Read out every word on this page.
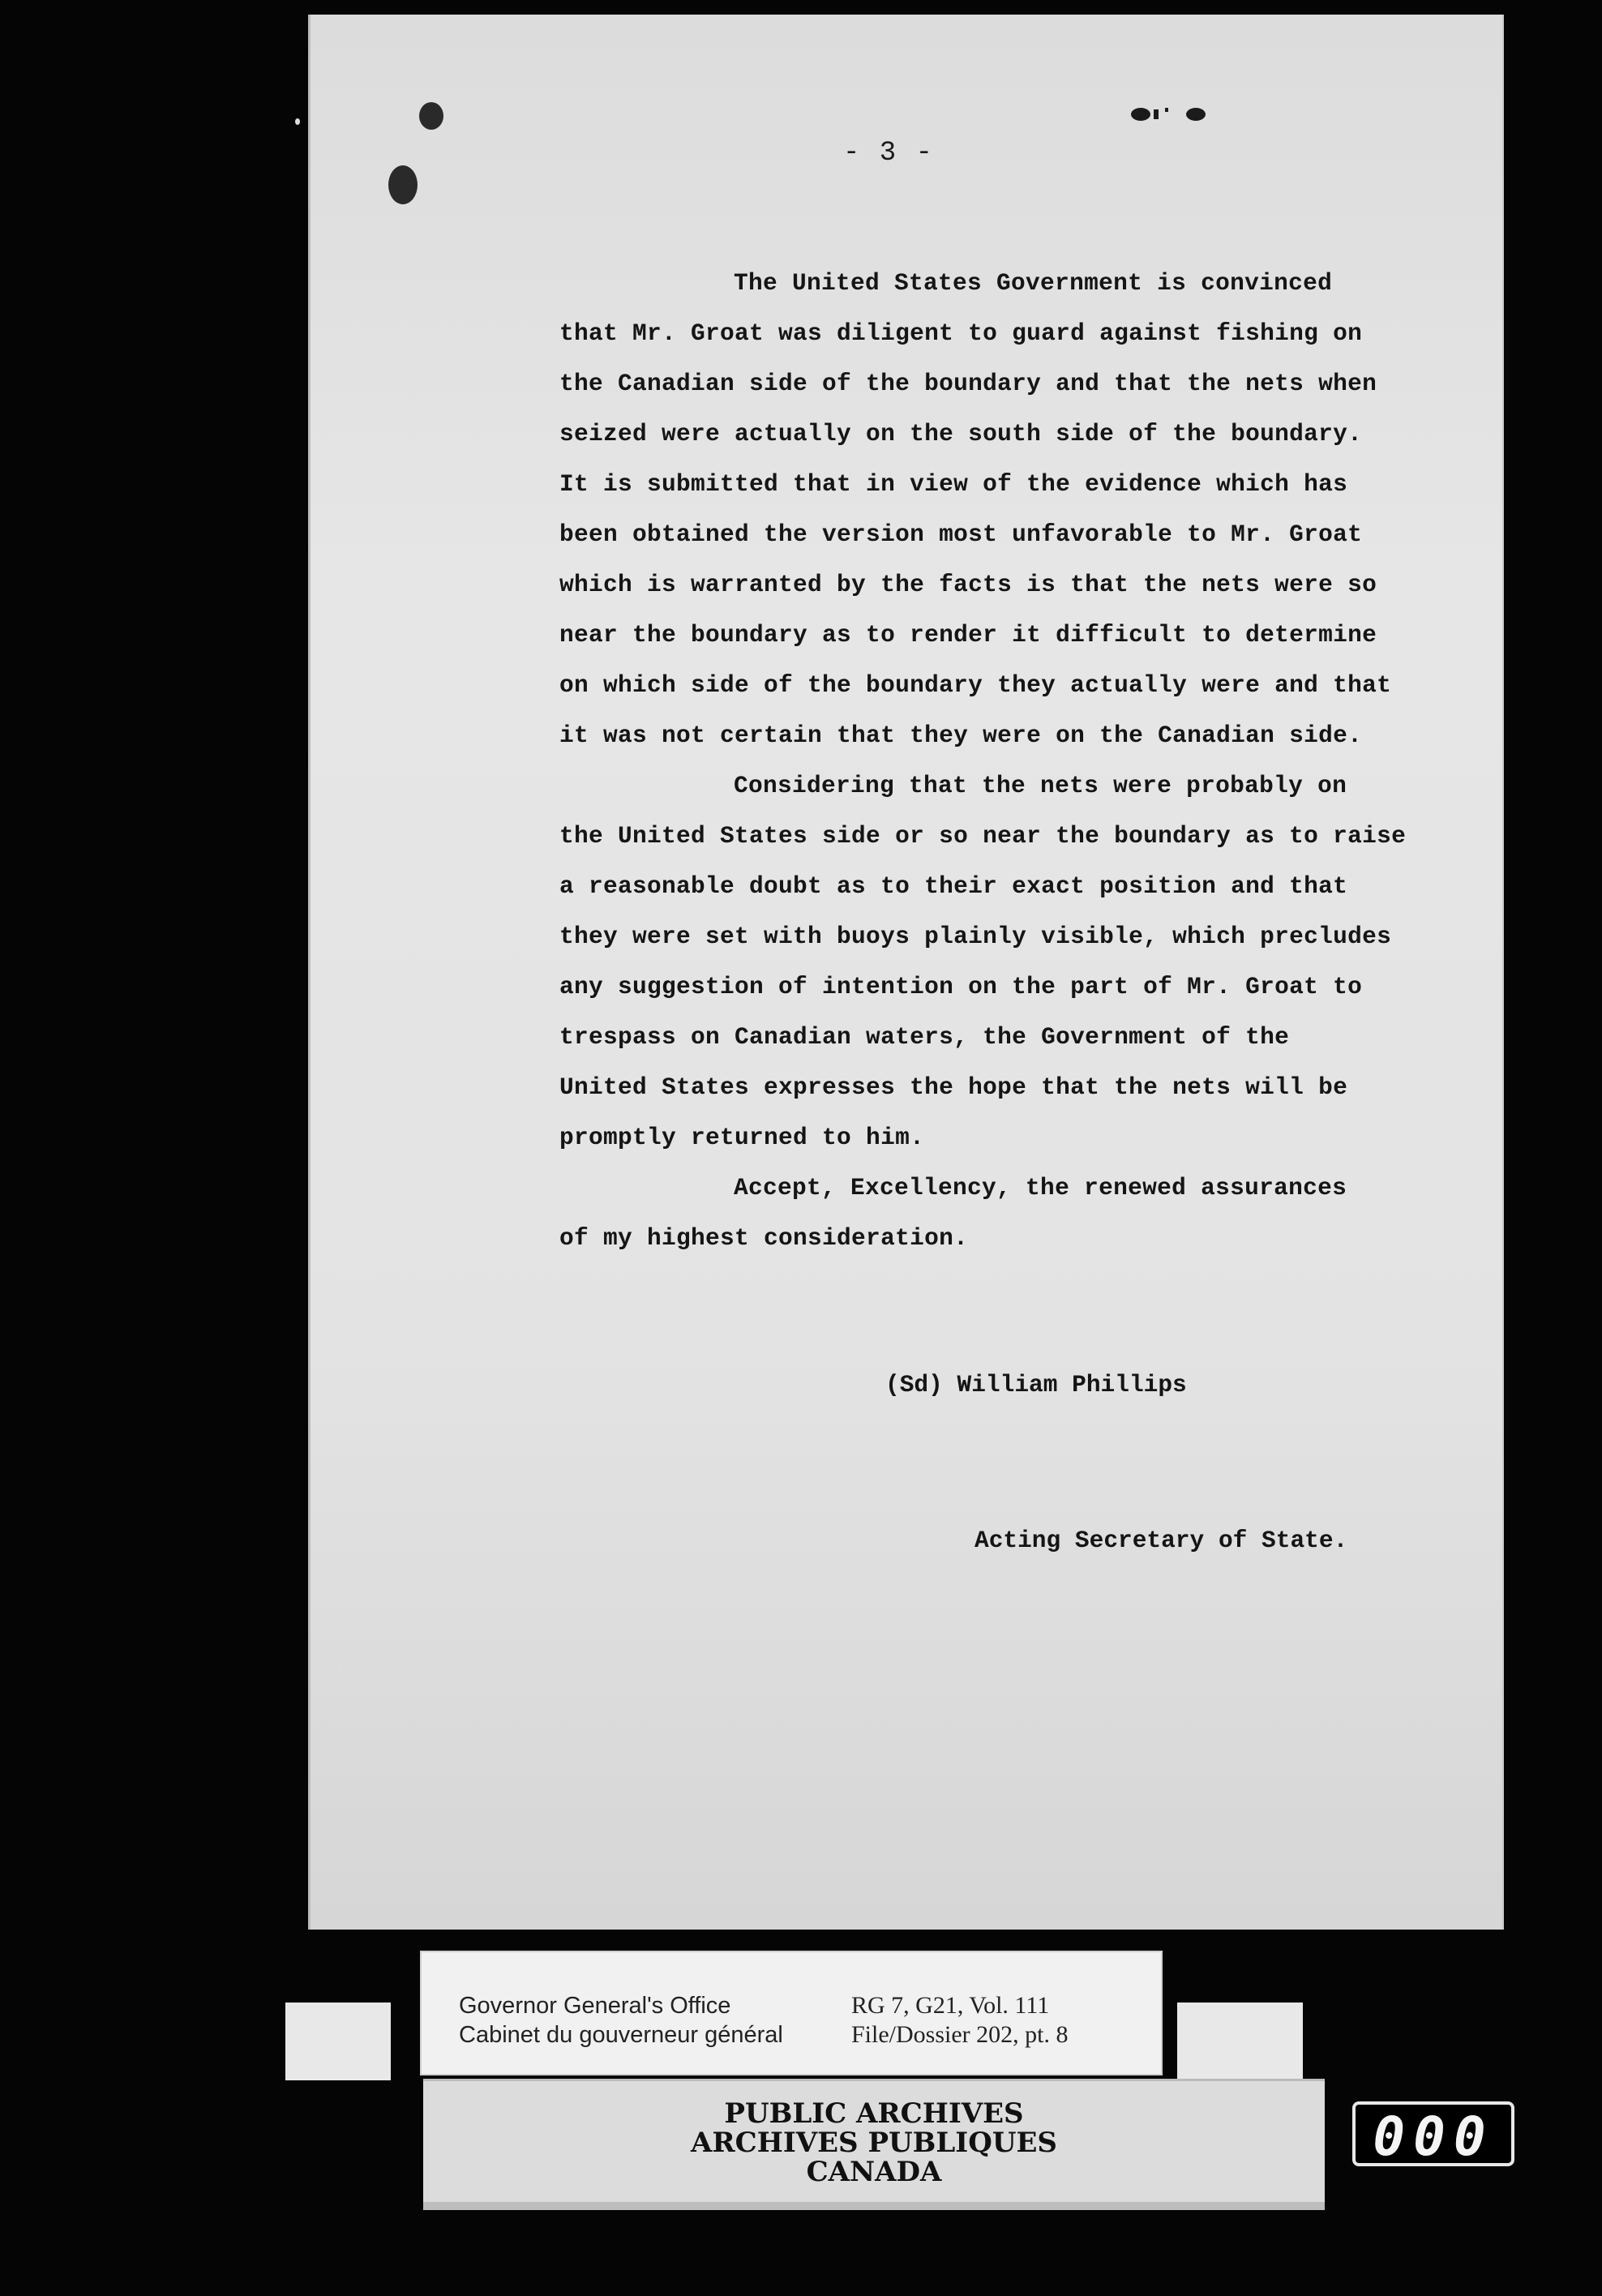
- 3 -
The United States Government is convinced
that Mr. Groat was diligent to guard against fishing on
the Canadian side of the boundary and that the nets when
seized were actually on the south side of the boundary.
It is submitted that in view of the evidence which has
been obtained the version most unfavorable to Mr. Groat
which is warranted by the facts is that the nets were so
near the boundary as to render it difficult to determine
on which side of the boundary they actually were and that
it was not certain that they were on the Canadian side.
Considering that the nets were probably on
the United States side or so near the boundary as to raise
a reasonable doubt as to their exact position and that
they were set with buoys plainly visible, which precludes
any suggestion of intention on the part of Mr. Groat to
trespass on Canadian waters, the Government of the
United States expresses the hope that the nets will be
promptly returned to him.
Accept, Excellency, the renewed assurances
of my highest consideration.

(Sd) William Phillips

Acting Secretary of State.

Governor General's Office
Cabinet du gouverneur général
RG 7, G21, Vol. 111
File/Dossier 202, pt. 8
PUBLIC ARCHIVES
ARCHIVES PUBLIQUES
CANADA
000
